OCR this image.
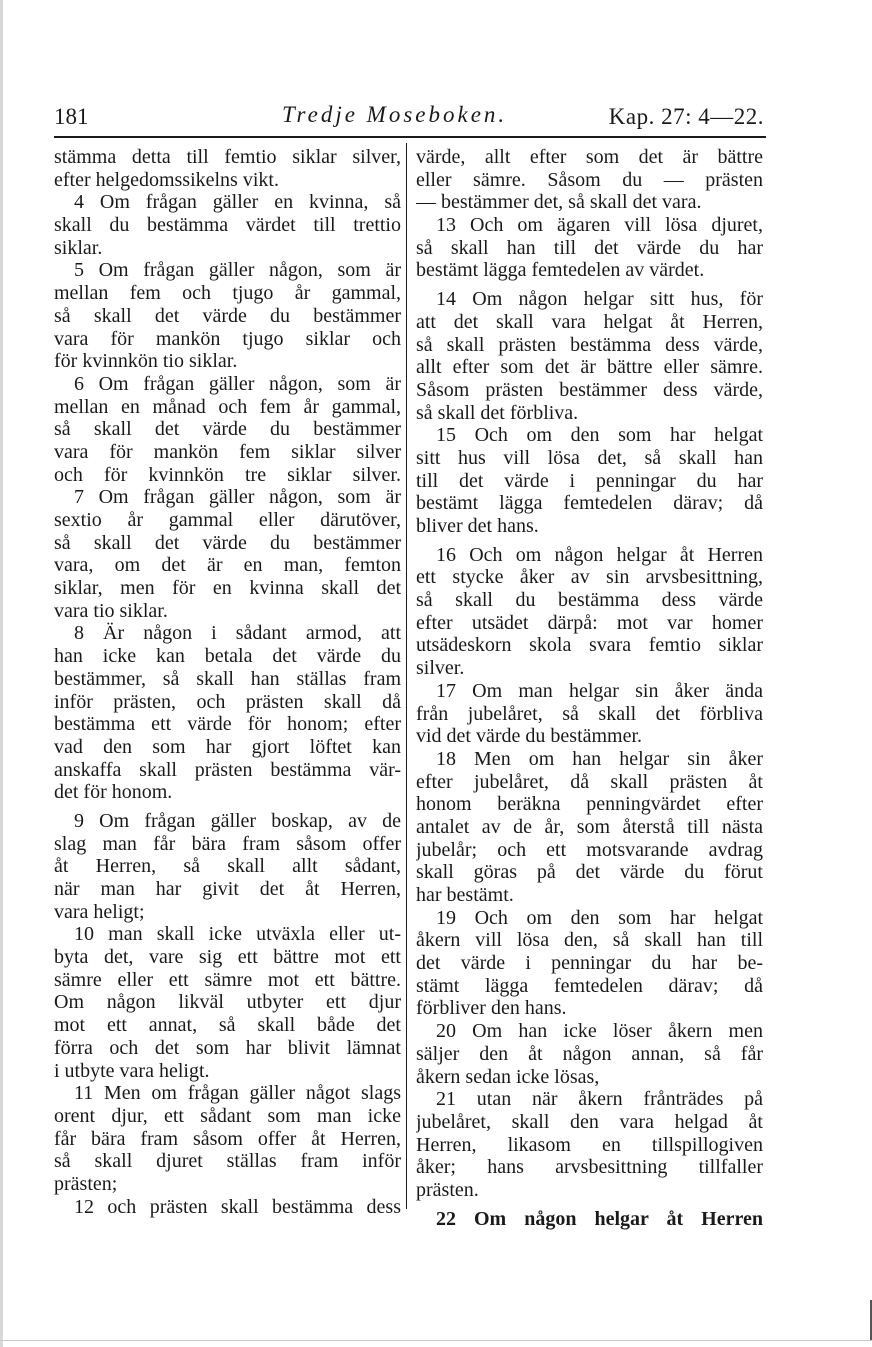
181	Tredje Moseboken.	Kap. 27: 4—22.
stämma detta till femtio siklar silver,
efter helgedomssikelns vikt.
4 Om frågan gäller en kvinna, så
skall du bestämma värdet till trettio
siklar.
5 Om frågan gäller någon, som är
mellan fem och tjugo år gammal,
så skall det värde du bestämmer
vara för mankön tjugo siklar och
för kvinnkön tio siklar.
6 Om frågan gäller någon, som är
mellan en månad och fem år gammal,
så skall det värde du bestämmer
vara för mankön fem siklar silver
och för kvinnkön tre siklar silver.
7 Om frågan gäller någon, som är
sextio år gammal eller därutöver,
så skall det värde du bestämmer
vara, om det är en man, femton
siklar, men för en kvinna skall det
vara tio siklar.
8 Är någon i sådant armod, att
han icke kan betala det värde du
bestämmer, så skall han ställas fram
inför prästen, och prästen skall då
bestämma ett värde för honom; efter
vad den som har gjort löftet kan
anskaffa skall prästen bestämma vär-
det för honom.
9 Om frågan gäller boskap, av de
slag man får bära fram såsom offer
åt Herren, så skall allt sådant,
när man har givit det åt Herren,
vara heligt;
10 man skall icke utväxla eller ut-
byta det, vare sig ett bättre mot ett
sämre eller ett sämre mot ett bättre.
Om någon likväl utbyter ett djur
mot ett annat, så skall både det
förra och det som har blivit lämnat
i utbyte vara heligt.
11 Men om frågan gäller något slags
orent djur, ett sådant som man icke
får bära fram såsom offer åt Herren,
så skall djuret ställas fram inför
prästen;
12 och prästen skall bestämma dess
värde, allt efter som det är bättre
eller sämre. Såsom du — prästen
— bestämmer det, så skall det vara.
13 Och om ägaren vill lösa djuret,
så skall han till det värde du har
bestämt lägga femtedelen av värdet.
14 Om någon helgar sitt hus, för
att det skall vara helgat åt Herren,
så skall prästen bestämma dess värde,
allt efter som det är bättre eller sämre.
Såsom prästen bestämmer dess värde,
så skall det förbliva.
15 Och om den som har helgat
sitt hus vill lösa det, så skall han
till det värde i penningar du har
bestämt lägga femtedelen därav; då
bliver det hans.
16 Och om någon helgar åt Herren
ett stycke åker av sin arvsbesittning,
så skall du bestämma dess värde
efter utsädet därpå: mot var homer
utsädeskorn skola svara femtio siklar
silver.
17 Om man helgar sin åker ända
från jubelåret, så skall det förbliva
vid det värde du bestämmer.
18 Men om han helgar sin åker
efter jubelåret, då skall prästen åt
honom beräkna penningvärdet efter
antalet av de år, som återstå till nästa
jubelår; och ett motsvarande avdrag
skall göras på det värde du förut
har bestämt.
19 Och om den som har helgat
åkern vill lösa den, så skall han till
det värde i penningar du har be-
stämt lägga femtedelen därav; då
förbliver den hans.
20 Om han icke löser åkern men
säljer den åt någon annan, så får
åkern sedan icke lösas,
21 utan när åkern frånträdes på
jubelåret, skall den vara helgad åt
Herren, likasom en tillspillogiven
åker; hans arvsbesittning tillfaller
prästen.
22 Om någon helgar åt Herren
